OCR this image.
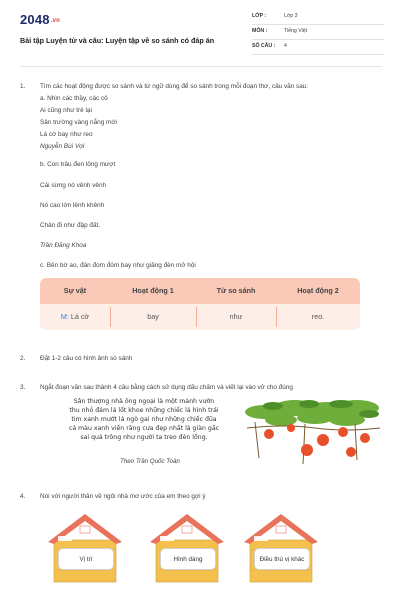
2048.vn
Bài tập Luyện từ và câu: Luyện tập về so sánh có đáp án
LỚP :	Lớp 3
MÔN :	Tiếng Việt
SỐ CÂU : 4
1. Tìm các hoạt động được so sánh và từ ngữ dùng để so sánh trong mỗi đoạn thơ, câu văn sau:
a. Nhìn các thầy, các cô
Ai cũng như trẻ lại
Sân trường vàng nắng mới
Lá cờ bay như reo
Nguyễn Bùi Vợi
b. Con trâu đen lông mượt
Cái sừng nó vênh vênh
Nó cao lớn lênh khênh
Chân đi như đập đất.
Trần Đăng Khoa
c. Bên bờ ao, đàn đom đóm bay như giăng đèn mở hội
Sự vật	Hoạt động 1	Từ so sánh	Hoạt động 2
M: Lá cờ	bay	như	reo.
2. Đặt 1-2 câu có hình ảnh so sánh
3. Ngắt đoạn văn sau thành 4 câu bằng cách sử dụng dấu chấm và viết lại vào vở cho đúng
Sân thượng nhà ông ngoại là một mảnh vườn
thu nhỏ đám lá lốt khoe những chiếc lá hình trái
tim xanh mướt lá ngò gai như những chiếc đũa
cả màu xanh viền răng cưa đẹp nhất là giàn gấc
sai quả trông như người ta treo đèn lồng.
Theo Trần Quốc Toàn
4. Nói với người thân về ngôi nhà mơ ước của em theo gợi ý
Vị trí	Hình dáng	Điều thú vị khác
